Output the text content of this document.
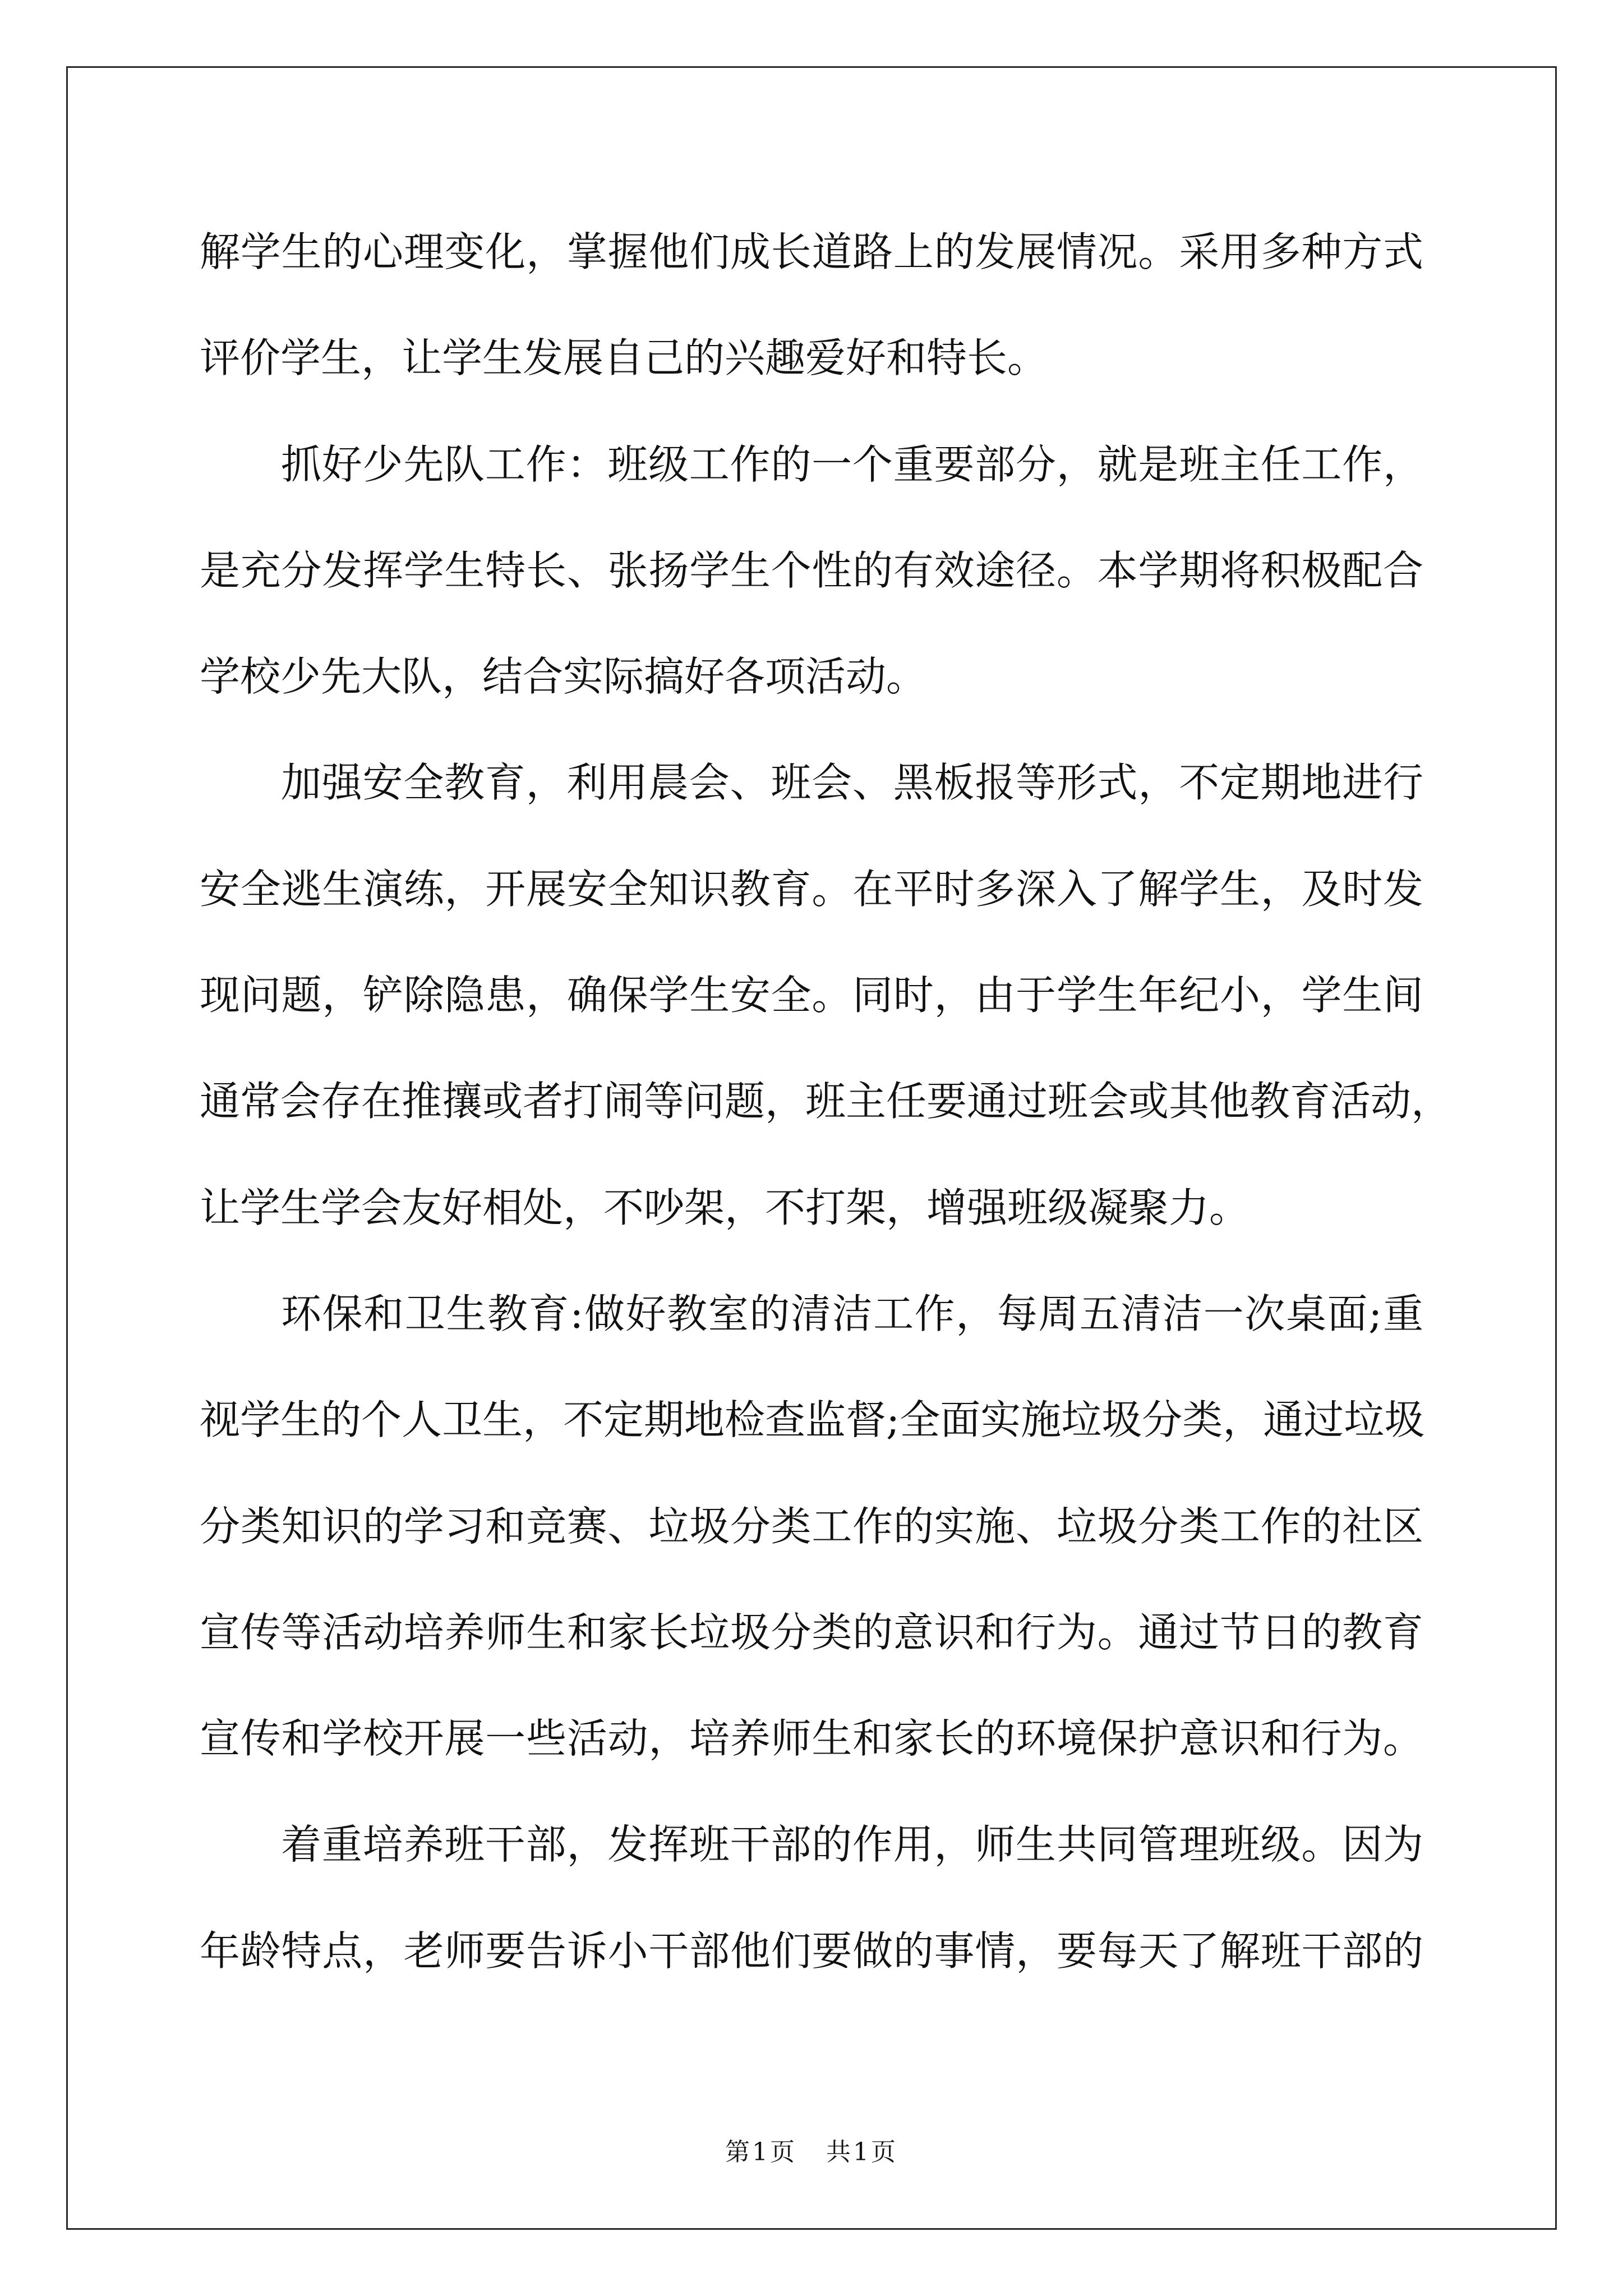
解学生的心理变化，掌握他们成长道路上的发展情况。采用多种方式
评价学生，让学生发展自己的兴趣爱好和特长。
抓好少先队工作：班级工作的一个重要部分，就是班主任工作，
是充分发挥学生特长、张扬学生个性的有效途径。本学期将积极配合
学校少先大队，结合实际搞好各项活动。
加强安全教育，利用晨会、班会、黑板报等形式，不定期地进行
安全逃生演练，开展安全知识教育。在平时多深入了解学生，及时发
现问题，铲除隐患，确保学生安全。同时，由于学生年纪小，学生间
通常会存在推攘或者打闹等问题，班主任要通过班会或其他教育活动，
让学生学会友好相处，不吵架，不打架，增强班级凝聚力。
环保和卫生教育:做好教室的清洁工作，每周五清洁一次桌面;重
视学生的个人卫生，不定期地检查监督;全面实施垃圾分类，通过垃圾
分类知识的学习和竞赛、垃圾分类工作的实施、垃圾分类工作的社区
宣传等活动培养师生和家长垃圾分类的意识和行为。通过节日的教育
宣传和学校开展一些活动，培养师生和家长的环境保护意识和行为。
着重培养班干部，发挥班干部的作用，师生共同管理班级。因为
年龄特点，老师要告诉小干部他们要做的事情，要每天了解班干部的
第1页 共1页
